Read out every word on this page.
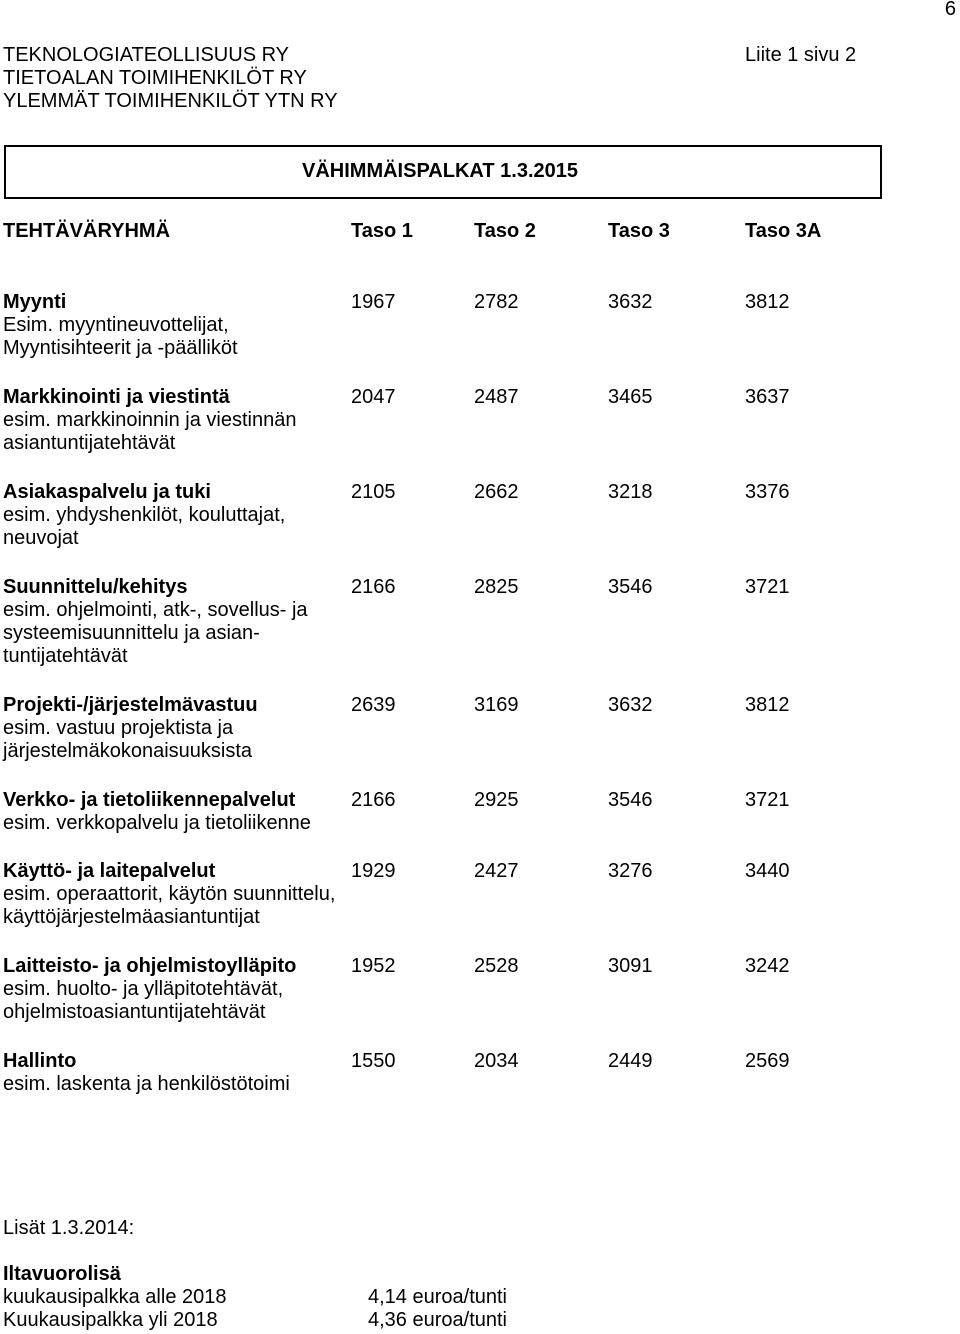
6
TEKNOLOGIATEOLLISUUS RY
TIETOALAN TOIMIHENKILÖT RY
YLEMMÄT TOIMIHENKILÖT YTN RY
Liite 1 sivu 2
VÄHIMMÄISPALKAT 1.3.2015
TEHTÄVÄRYHMÄ	Taso 1	Taso 2	Taso 3	Taso 3A
Myynti	1967	2782	3632	3812
Esim. myyntineuvottelijat,
Myyntisihteerit ja -päälliköt
Markkinointi ja viestintä	2047	2487	3465	3637
esim. markkinoinnin ja viestinnän
asiantuntijatehtävät
Asiakaspalvelu ja tuki	2105	2662	3218	3376
esim. yhdyshenkilöt, kouluttajat,
neuvojat
Suunnittelu/kehitys	2166	2825	3546	3721
esim. ohjelmointi, atk-, sovellus- ja
systeemisuunnittelu ja asian-
tuntijatehtävät
Projekti-/järjestelmävastuu	2639	3169	3632	3812
esim. vastuu projektista ja
järjestelmäkokonaisuuksista
Verkko- ja tietoliikennepalvelut	2166	2925	3546	3721
esim. verkkopalvelu ja tietoliikenne
Käyttö- ja laitepalvelut	1929	2427	3276	3440
esim. operaattorit, käytön suunnittelu,
käyttöjärjestelmäasiantuntijat
Laitteisto- ja ohjelmistoylläpito	1952	2528	3091	3242
esim. huolto- ja ylläpitotehtävät,
ohjelmistoasiantuntijatehtävät
Hallinto	1550	2034	2449	2569
esim. laskenta ja henkilöstötoimi
Lisät 1.3.2014:
Iltavuorolisä
kuukausipalkka alle 2018	4,14 euroa/tunti
Kuukausipalkka yli 2018	4,36 euroa/tunti
